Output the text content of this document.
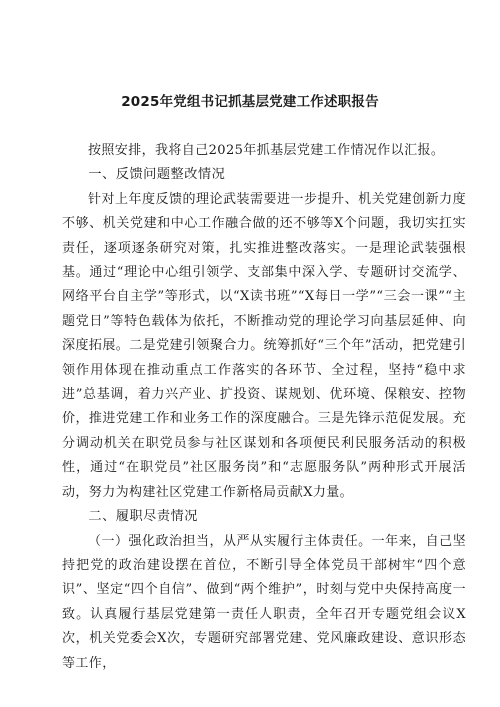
2025年党组书记抓基层党建工作述职报告

按照安排，我将自己2025年抓基层党建工作情况作以汇报。

一、反馈问题整改情况

针对上年度反馈的理论武装需要进一步提升、机关党建创新力度不够、机关党建和中心工作融合做的还不够等X个问题，我切实扛实责任，逐项逐条研究对策，扎实推进整改落实。一是理论武装强根基。通过“理论中心组引领学、支部集中深入学、专题研讨交流学、网络平台自主学”等形式，以“X读书班”“X每日一学”“三会一课”“主题党日”等特色载体为依托，不断推动党的理论学习向基层延伸、向深度拓展。二是党建引领聚合力。统筹抓好“三个年”活动，把党建引领作用体现在推动重点工作落实的各环节、全过程，坚持“稳中求进”总基调，着力兴产业、扩投资、谋规划、优环境、保粮安、控物价，推进党建工作和业务工作的深度融合。三是先锋示范促发展。充分调动机关在职党员参与社区谋划和各项便民利民服务活动的积极性，通过“在职党员”社区服务岗”和“志愿服务队”两种形式开展活动，努力为构建社区党建工作新格局贡献X力量。

二、履职尽责情况

（一）强化政治担当，从严从实履行主体责任。一年来，自己坚持把党的政治建设摆在首位，不断引导全体党员干部树牢“四个意识”、坚定“四个自信”、做到“两个维护”，时刻与党中央保持高度一致。认真履行基层党建第一责任人职责，全年召开专题党组会议X次，机关党委会X次，专题研究部署党建、党风廉政建设、意识形态等工作，
